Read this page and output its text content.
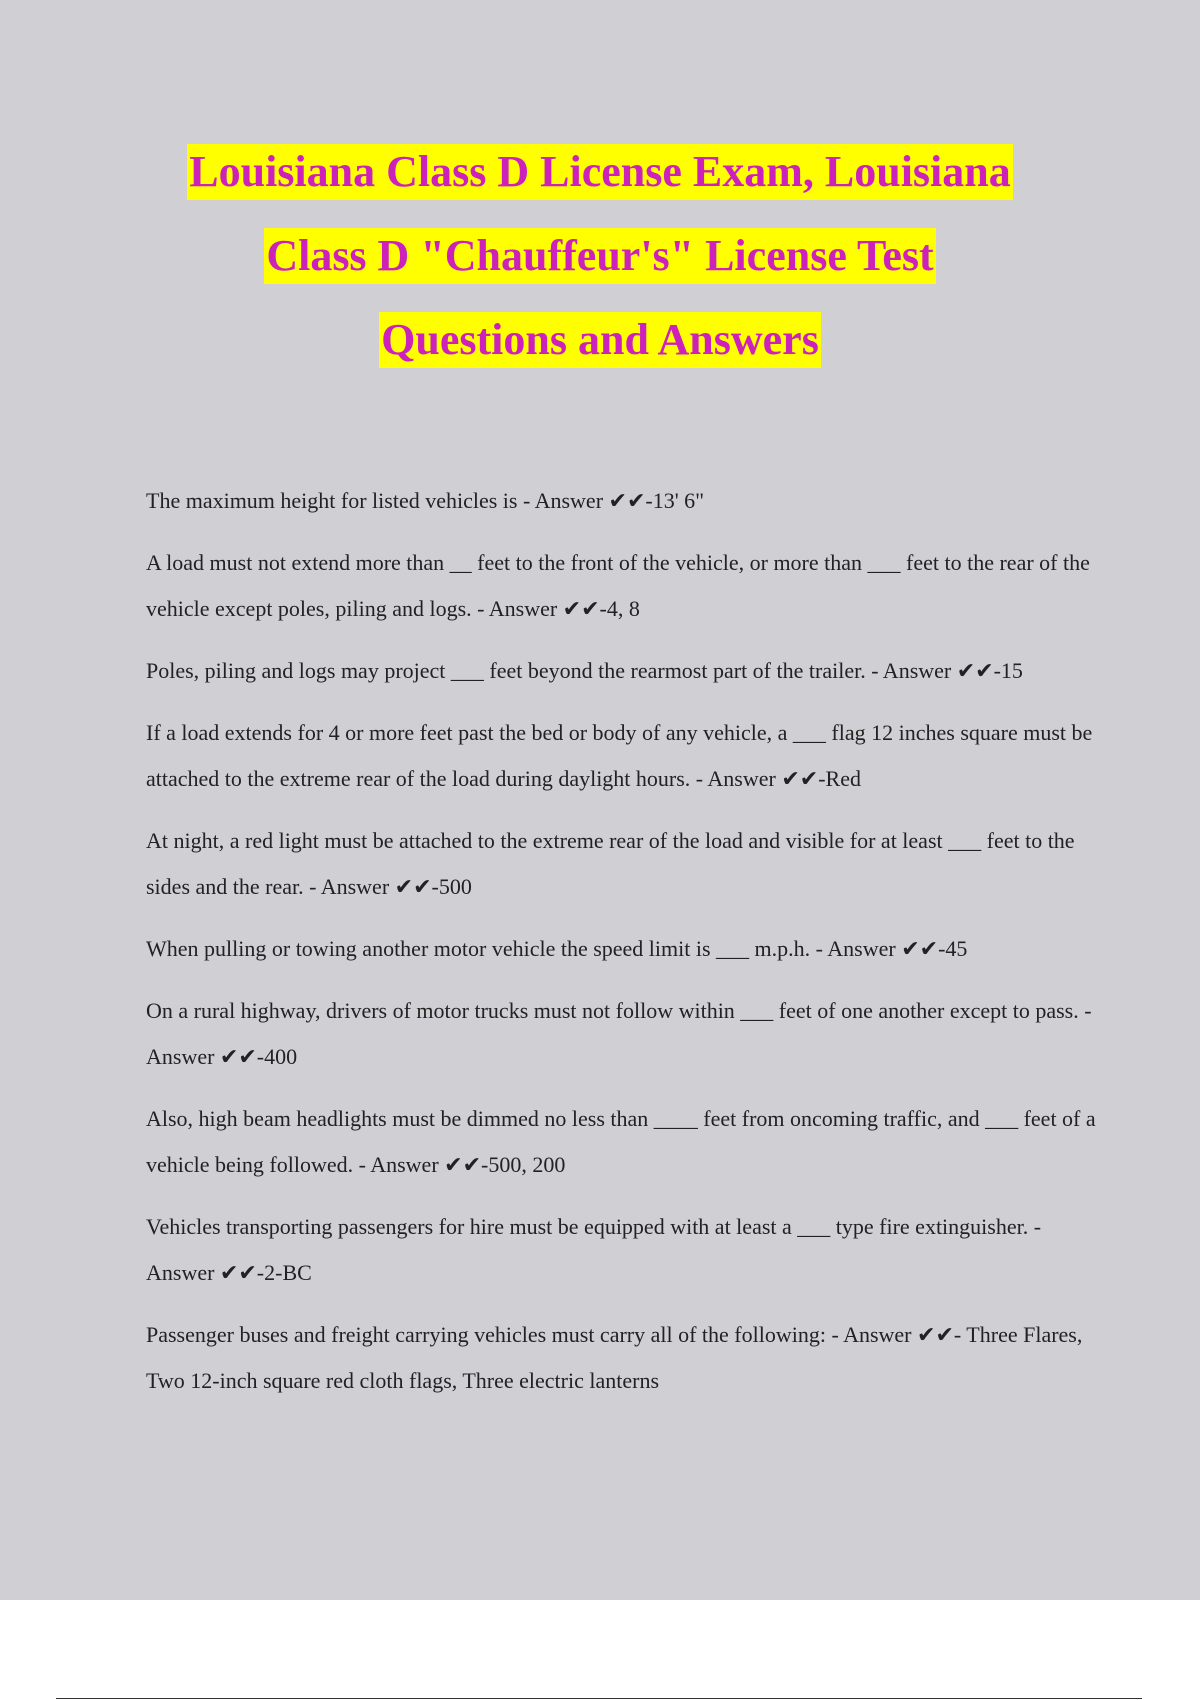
Louisiana Class D License Exam, Louisiana
Class D "Chauffeur's" License Test
Questions and Answers

The maximum height for listed vehicles is - Answer ✔✔-13' 6"

A load must not extend more than __ feet to the front of the vehicle, or more than ___ feet to the rear of the vehicle except poles, piling and logs. - Answer ✔✔-4, 8

Poles, piling and logs may project ___ feet beyond the rearmost part of the trailer. - Answer ✔✔-15

If a load extends for 4 or more feet past the bed or body of any vehicle, a ___ flag 12 inches square must be attached to the extreme rear of the load during daylight hours. - Answer ✔✔-Red

At night, a red light must be attached to the extreme rear of the load and visible for at least ___ feet to the sides and the rear. - Answer ✔✔-500

When pulling or towing another motor vehicle the speed limit is ___ m.p.h. - Answer ✔✔-45

On a rural highway, drivers of motor trucks must not follow within ___ feet of one another except to pass. - Answer ✔✔-400

Also, high beam headlights must be dimmed no less than ____ feet from oncoming traffic, and ___ feet of a vehicle being followed. - Answer ✔✔-500, 200

Vehicles transporting passengers for hire must be equipped with at least a ___ type fire extinguisher. - Answer ✔✔-2-BC

Passenger buses and freight carrying vehicles must carry all of the following: - Answer ✔✔- Three Flares, Two 12-inch square red cloth flags, Three electric lanterns
